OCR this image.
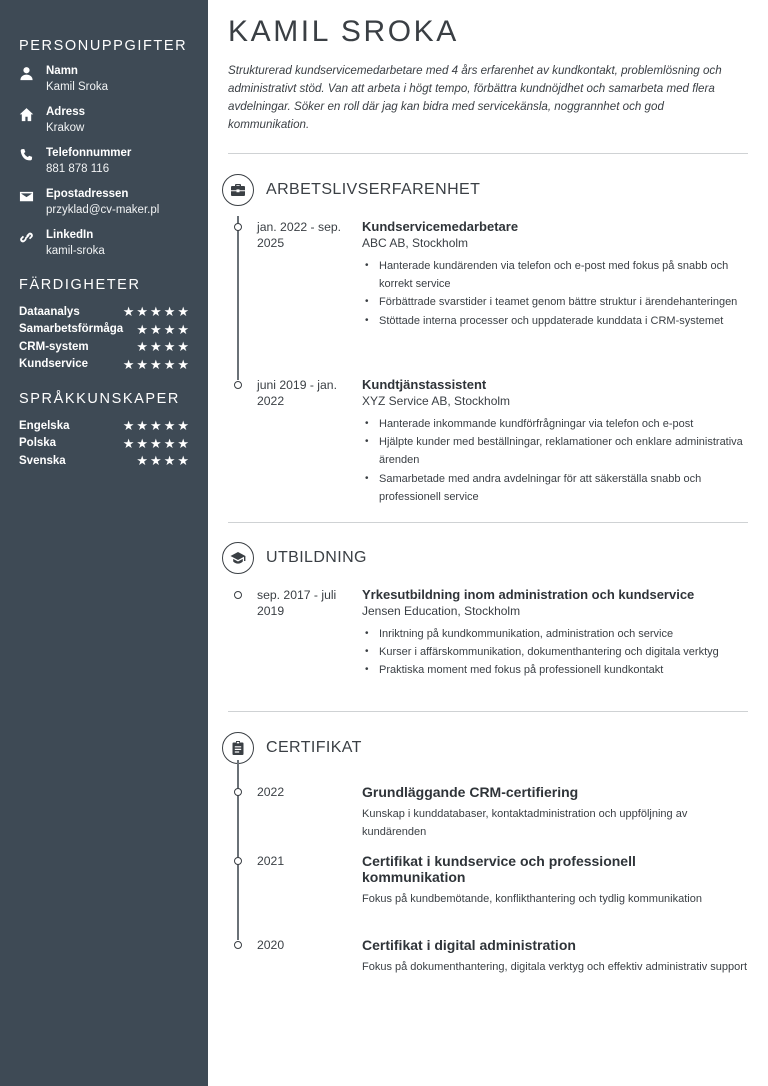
PERSONUPPGIFTER
Namn
Kamil Sroka
Adress
Krakow
Telefonnummer
881 878 116
Epostadressen
przyklad@cv-maker.pl
LinkedIn
kamil-sroka
FÄRDIGHETER
Dataanalys	★ ★ ★ ★ ★
Samarbetsförmåga ★ ★ ★ ★
CRM-system	★ ★ ★ ★
Kundservice	★ ★ ★ ★ ★
SPRÅKKUNSKAPER
Engelska	★ ★ ★ ★ ★
Polska	★ ★ ★ ★ ★
Svenska	★ ★ ★ ★
KAMIL SROKA

Strukturerad kundservicemedarbetare med 4 års erfarenhet av kundkontakt, problemlösning och administrativt stöd. Van att arbeta i högt tempo, förbättra kundnöjdhet och samarbeta med flera avdelningar. Söker en roll där jag kan bidra med servicekänsla, noggrannhet och god kommunikation.

ARBETSLIVSERFARENHET
jan. 2022 - sep. 2025
Kundservicemedarbetare
ABC AB, Stockholm
• Hanterade kundärenden via telefon och e-post med fokus på snabb och korrekt service
• Förbättrade svarstider i teamet genom bättre struktur i ärendehanteringen
• Stöttade interna processer och uppdaterade kunddata i CRM-systemet
juni 2019 - jan. 2022
Kundtjänstassistent
XYZ Service AB, Stockholm
• Hanterade inkommande kundförfrågningar via telefon och e-post
• Hjälpte kunder med beställningar, reklamationer och enklare administrativa ärenden
• Samarbetade med andra avdelningar för att säkerställa snabb och professionell service
UTBILDNING
sep. 2017 - juli 2019
Yrkesutbildning inom administration och kundservice
Jensen Education, Stockholm
• Inriktning på kundkommunikation, administration och service
• Kurser i affärskommunikation, dokumenthantering och digitala verktyg
• Praktiska moment med fokus på professionell kundkontakt
CERTIFIKAT
2022	Grundläggande CRM-certifiering
Kunskap i kunddatabaser, kontaktadministration och uppföljning av kundärenden
2021	Certifikat i kundservice och professionell kommunikation
Fokus på kundbemötande, konflikthantering och tydlig kommunikation
2020	Certifikat i digital administration
Fokus på dokumenthantering, digitala verktyg och effektiv administrativ support
